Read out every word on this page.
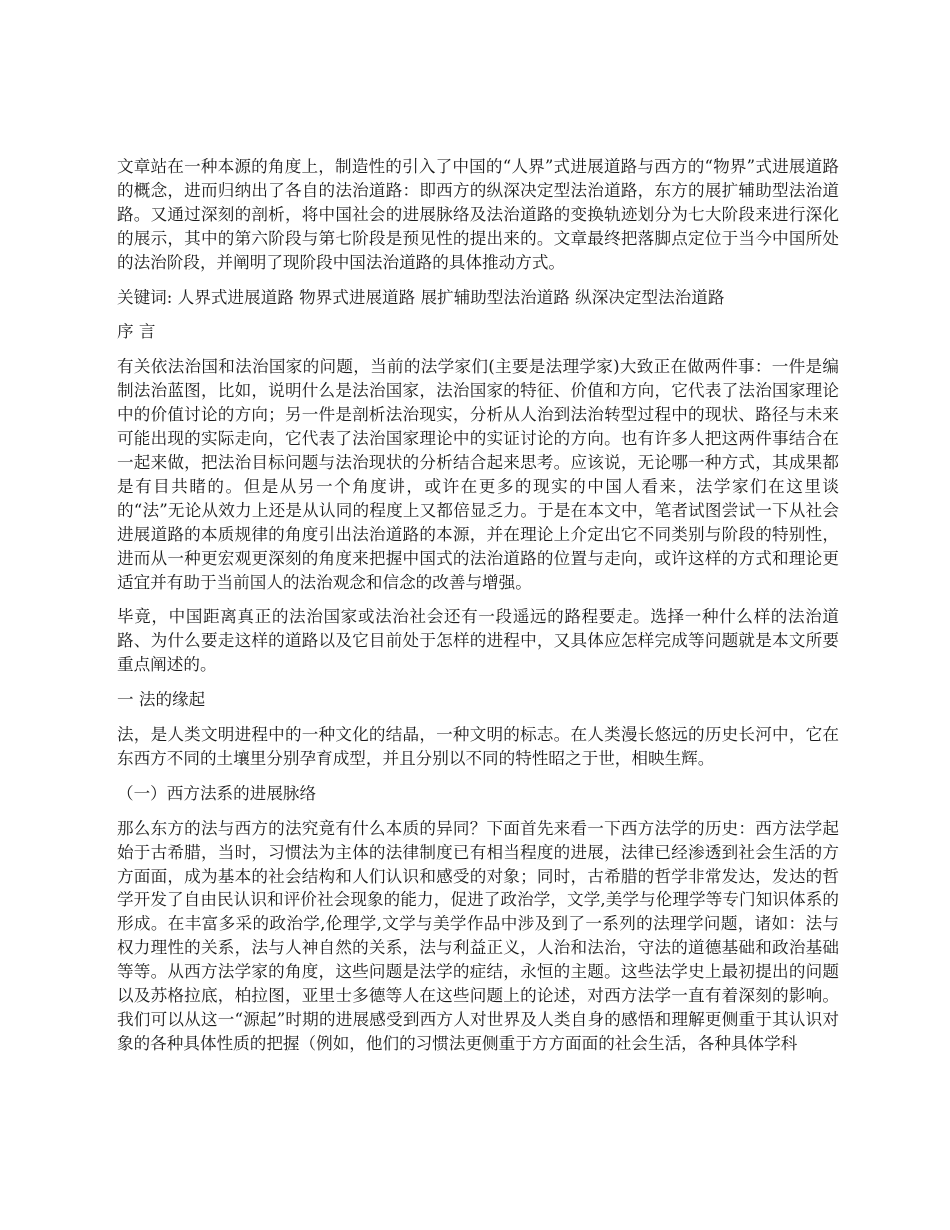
文章站在一种本源的角度上，制造性的引入了中国的“人界”式进展道路与西方的“物界”式进展道路的概念，进而归纳出了各自的法治道路：即西方的纵深决定型法治道路，东方的展扩辅助型法治道路。又通过深刻的剖析，将中国社会的进展脉络及法治道路的变换轨迹划分为七大阶段来进行深化的展示，其中的第六阶段与第七阶段是预见性的提出来的。文章最终把落脚点定位于当今中国所处的法治阶段，并阐明了现阶段中国法治道路的具体推动方式。

关键词: 人界式进展道路 物界式进展道路 展扩辅助型法治道路 纵深决定型法治道路

序 言

有关依法治国和法治国家的问题，当前的法学家们(主要是法理学家)大致正在做两件事：一件是编制法治蓝图，比如，说明什么是法治国家，法治国家的特征、价值和方向，它代表了法治国家理论中的价值讨论的方向；另一件是剖析法治现实，分析从人治到法治转型过程中的现状、路径与未来可能出现的实际走向，它代表了法治国家理论中的实证讨论的方向。也有许多人把这两件事结合在一起来做，把法治目标问题与法治现状的分析结合起来思考。应该说，无论哪一种方式，其成果都是有目共睹的。但是从另一个角度讲，或许在更多的现实的中国人看来，法学家们在这里谈的“法”无论从效力上还是从认同的程度上又都倍显乏力。于是在本文中，笔者试图尝试一下从社会进展道路的本质规律的角度引出法治道路的本源，并在理论上介定出它不同类别与阶段的特别性，进而从一种更宏观更深刻的角度来把握中国式的法治道路的位置与走向，或许这样的方式和理论更适宜并有助于当前国人的法治观念和信念的改善与增强。

毕竟，中国距离真正的法治国家或法治社会还有一段遥远的路程要走。选择一种什么样的法治道路、为什么要走这样的道路以及它目前处于怎样的进程中，又具体应怎样完成等问题就是本文所要重点阐述的。

一 法的缘起

法，是人类文明进程中的一种文化的结晶，一种文明的标志。在人类漫长悠远的历史长河中，它在东西方不同的土壤里分别孕育成型，并且分别以不同的特性昭之于世，相映生辉。

（一）西方法系的进展脉络

那么东方的法与西方的法究竟有什么本质的异同？下面首先来看一下西方法学的历史：西方法学起始于古希腊，当时，习惯法为主体的法律制度已有相当程度的进展，法律已经渗透到社会生活的方方面面，成为基本的社会结构和人们认识和感受的对象；同时，古希腊的哲学非常发达，发达的哲学开发了自由民认识和评价社会现象的能力，促进了政治学，文学,美学与伦理学等专门知识体系的形成。在丰富多采的政治学,伦理学,文学与美学作品中涉及到了一系列的法理学问题，诸如：法与权力理性的关系，法与人神自然的关系，法与利益正义，人治和法治，守法的道德基础和政治基础等等。从西方法学家的角度，这些问题是法学的症结，永恒的主题。这些法学史上最初提出的问题以及苏格拉底，柏拉图，亚里士多德等人在这些问题上的论述，对西方法学一直有着深刻的影响。我们可以从这一“源起”时期的进展感受到西方人对世界及人类自身的感悟和理解更侧重于其认识对象的各种具体性质的把握（例如，他们的习惯法更侧重于方方面面的社会生活，各种具体学科
